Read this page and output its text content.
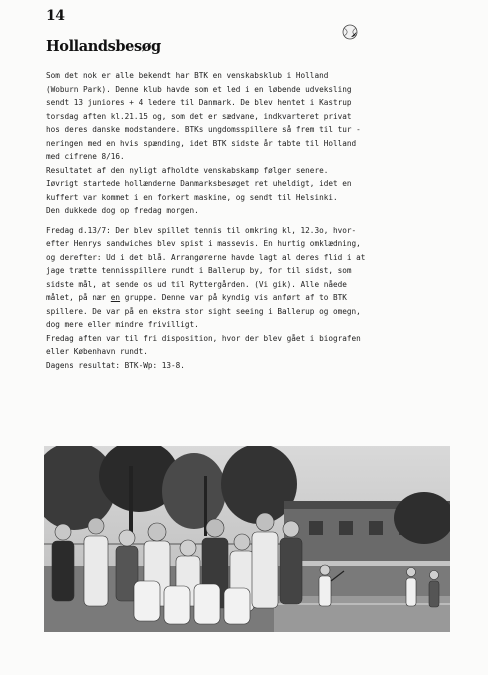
14
Hollandsbesøg
Som det nok er alle bekendt har BTK en venskabsklub i Holland
(Woburn Park). Denne klub havde som et led i en løbende udveksling
sendt 13 juniores + 4 ledere til Danmark. De blev hentet i Kastrup
torsdag aften kl.21.15 og, som det er sædvane, indkvarteret privat
hos deres danske modstandere. BTKs ungdomsspillere så frem til tur -
neringen med en hvis spænding, idet BTK sidste år tabte til Holland
med cifrene 8/16.
Resultatet af den nyligt afholdte venskabskamp følger senere.
Iøvrigt startede hollænderne Danmarksbesøget ret uheldigt, idet en
kuffert var kommet i en forkert maskine, og sendt til Helsinki.
Den dukkede dog op fredag morgen.
Fredag d.13/7: Der blev spillet tennis til omkring kl, 12.3o, hvor-
efter Henrys sandwiches blev spist i massevis. En hurtig omklædning,
og derefter: Ud i det blå. Arrangørerne havde lagt al deres flid i at
jage trætte tennisspillere rundt i Ballerup by, for til sidst, som
sidste mål, at sende os ud til Ryttergården. (Vi gik). Alle nåede
målet, på nær en gruppe. Denne var på kyndig vis anført af to BTK
spillere. De var på en ekstra stor sight seeing i Ballerup og omegn,
dog mere eller mindre frivilligt.
Fredag aften var til fri disposition, hvor der blev gået i biografen
eller København rundt.
Dagens resultat: BTK-Wp: 13-8.
